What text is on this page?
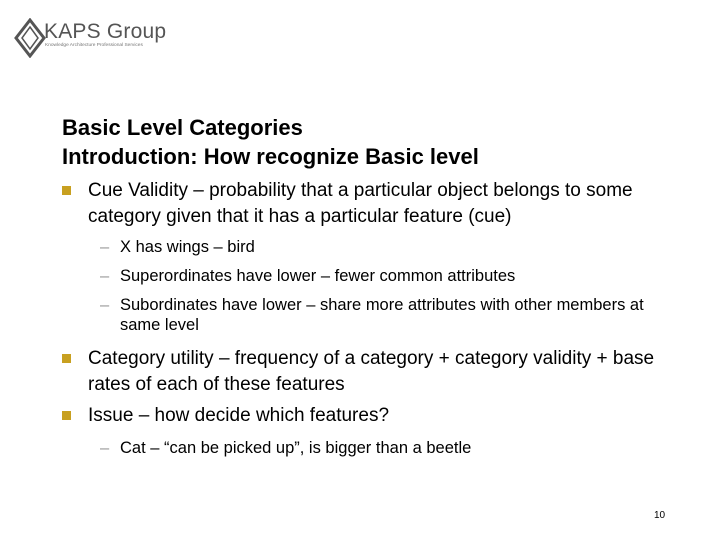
KAPS Group
Knowledge Architecture Professional Services
Basic Level Categories
Introduction: How recognize Basic level
Cue Validity – probability that a particular object belongs to some category given that it has a particular feature (cue)
– X has wings – bird
– Superordinates have lower – fewer common attributes
– Subordinates have lower – share more attributes with other members at same level
Category utility – frequency of a category + category validity + base rates of each of these features
Issue – how decide which features?
– Cat – “can be picked up”, is bigger than a beetle
10
